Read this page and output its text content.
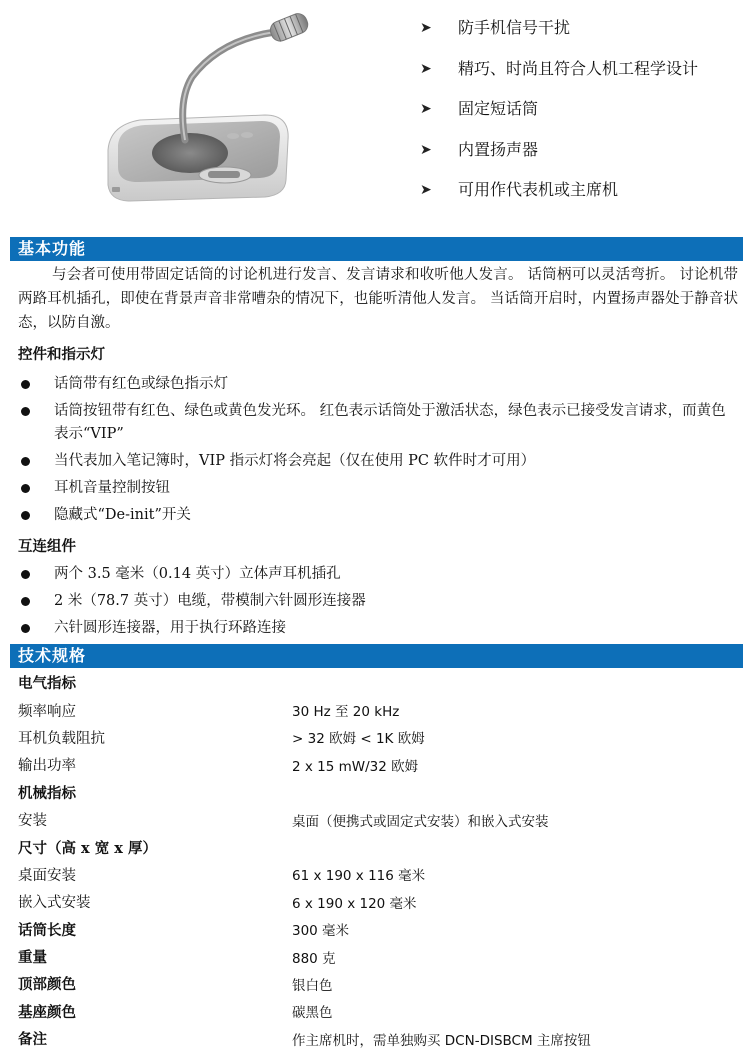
➤	防手机信号干扰
➤	精巧、时尚且符合人机工程学设计
➤	固定短话筒
➤	内置扬声器
➤	可用作代表机或主席机
基本功能

与会者可使用带固定话筒的讨论机进行发言、发言请求和收听他人发言。 话筒柄可以灵活弯折。 讨论机带两路耳机插孔，即使在背景声音非常嘈杂的情况下，也能听清他人发言。 当话筒开启时，内置扬声器处于静音状态，以防自激。

控件和指示灯
话筒带有红色或绿色指示灯
话筒按钮带有红色、绿色或黄色发光环。 红色表示话筒处于激活状态，绿色表示已接受发言请求，而黄色表示“VIP”
当代表加入笔记簿时，VIP 指示灯将会亮起（仅在使用 PC 软件时才可用）
耳机音量控制按钮
隐藏式“De-init”开关
互连组件
两个 3.5 毫米（0.14 英寸）立体声耳机插孔
2 米（78.7 英寸）电缆，带模制六针圆形连接器
六针圆形连接器，用于执行环路连接
技术规格
电气指标
频率响应	30 Hz 至 20 kHz
耳机负载阻抗	> 32 欧姆 < 1K 欧姆
输出功率	2 x 15 mW/32 欧姆
机械指标
安装	桌面（便携式或固定式安装）和嵌入式安装
尺寸（高 x 宽 x 厚）
桌面安装	61 x 190 x 116 毫米
嵌入式安装	6 x 190 x 120 毫米
话筒长度	300 毫米
重量	880 克
顶部颜色	银白色
基座颜色	碳黑色
备注	作主席机时，需单独购买 DCN-DISBCM 主席按钮
